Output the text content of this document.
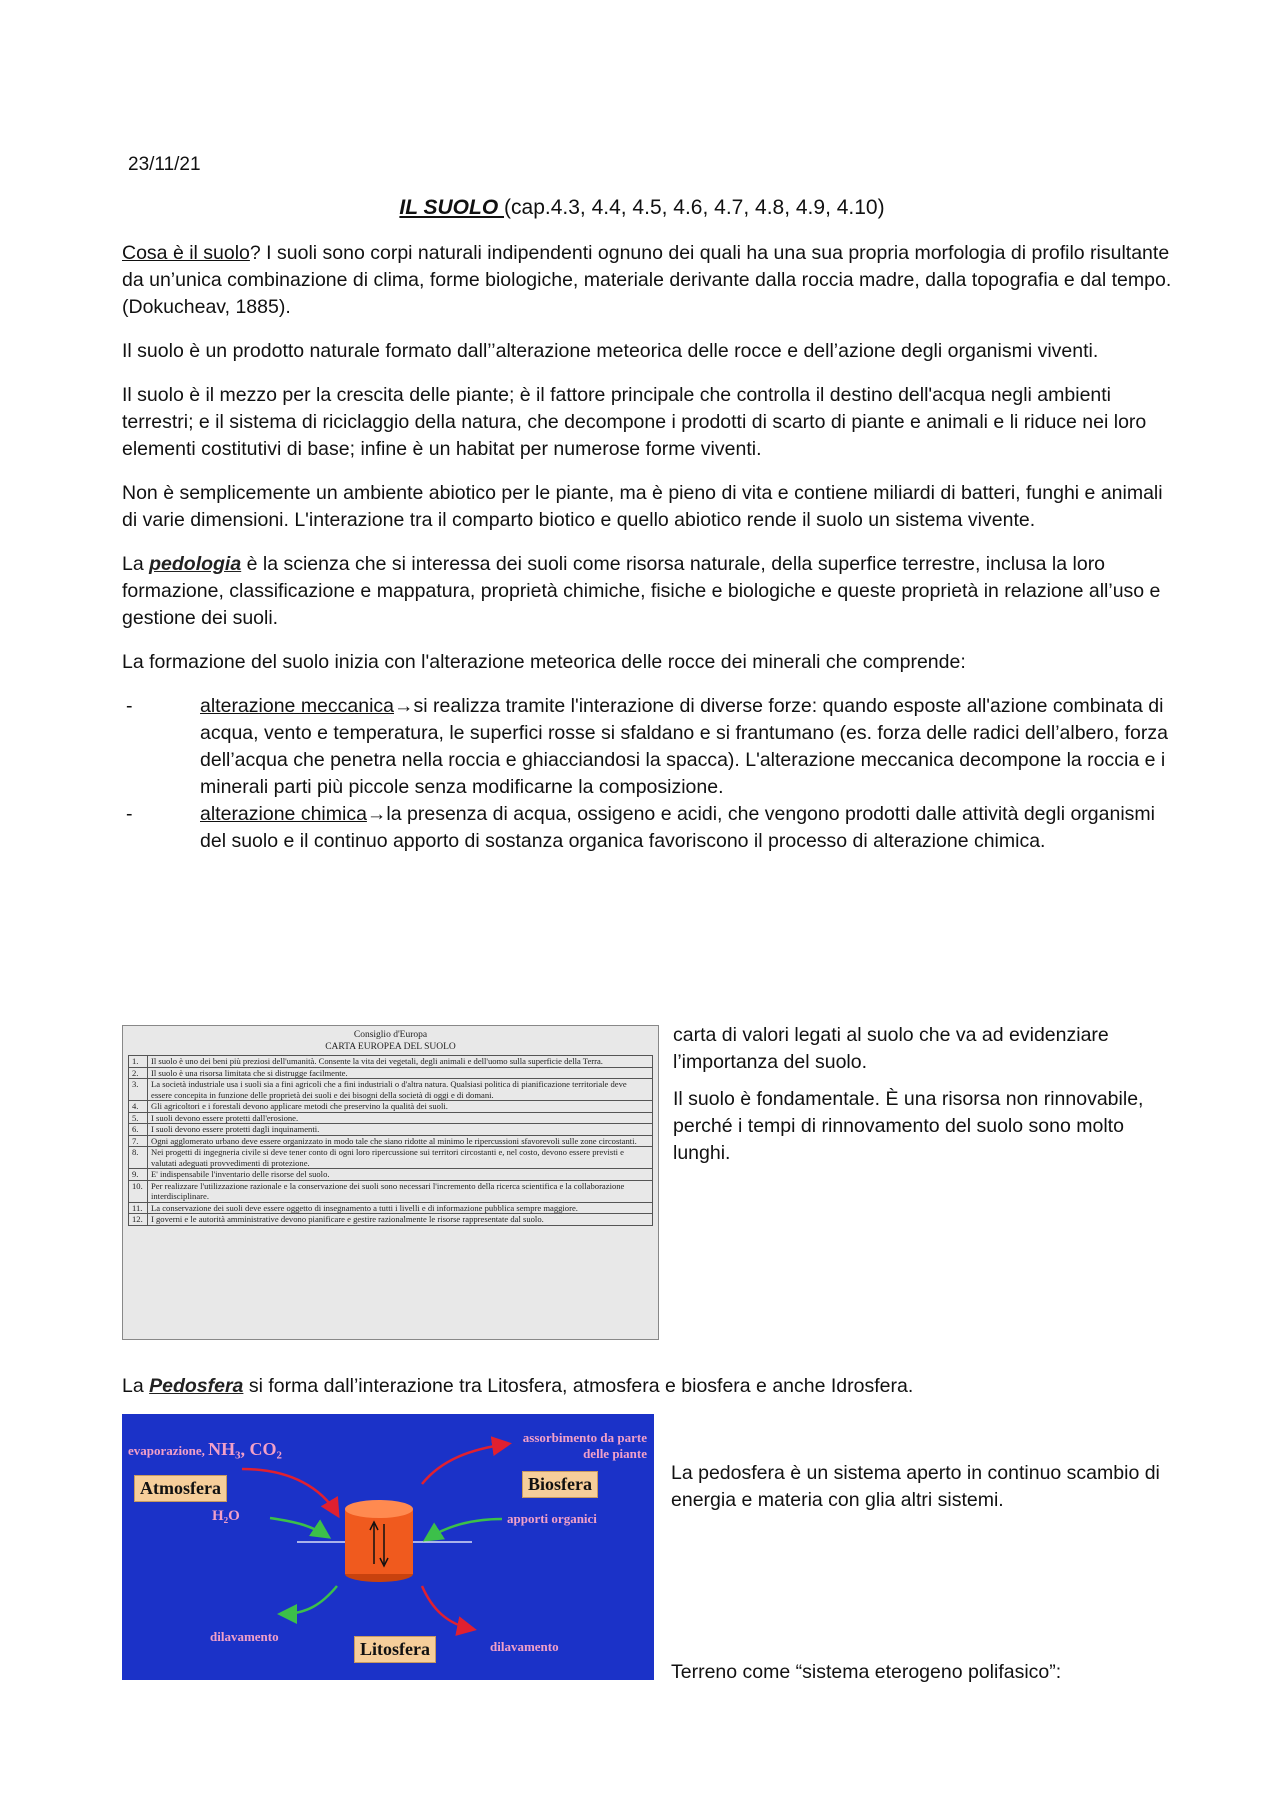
23/11/21
IL SUOLO (cap.4.3, 4.4, 4.5, 4.6, 4.7, 4.8, 4.9, 4.10)

Cosa è il suolo? I suoli sono corpi naturali indipendenti ognuno dei quali ha una sua propria morfologia di profilo risultante da un’unica combinazione di clima, forme biologiche, materiale derivante dalla roccia madre, dalla topografia e dal tempo. (Dokucheav, 1885).

Il suolo è un prodotto naturale formato dall’’alterazione meteorica delle rocce e dell’azione degli organismi viventi.

Il suolo è il mezzo per la crescita delle piante; è il fattore principale che controlla il destino dell'acqua negli ambienti terrestri; e il sistema di riciclaggio della natura, che decompone i prodotti di scarto di piante e animali e li riduce nei loro elementi costitutivi di base; infine è un habitat per numerose forme viventi.

Non è semplicemente un ambiente abiotico per le piante, ma è pieno di vita e contiene miliardi di batteri, funghi e animali di varie dimensioni. L'interazione tra il comparto biotico e quello abiotico rende il suolo un sistema vivente.

La pedologia è la scienza che si interessa dei suoli come risorsa naturale, della superfice terrestre, inclusa la loro formazione, classificazione e mappatura, proprietà chimiche, fisiche e biologiche e queste proprietà in relazione all’uso e gestione dei suoli.

La formazione del suolo inizia con l'alterazione meteorica delle rocce dei minerali che comprende:

-	alterazione meccanica→si realizza tramite l'interazione di diverse forze: quando esposte all'azione combinata di acqua, vento e temperatura, le superfici rosse si sfaldano e si frantumano (es. forza delle radici dell’albero, forza dell’acqua che penetra nella roccia e ghiacciandosi la spacca). L'alterazione meccanica decompone la roccia e i minerali parti più piccole senza modificarne la composizione.
-	alterazione chimica→la presenza di acqua, ossigeno e acidi, che vengono prodotti dalle attività degli organismi del suolo e il continuo apporto di sostanza organica favoriscono il processo di alterazione chimica.
Consiglio d'Europa
CARTA EUROPEA DEL SUOLO
1.	Il suolo è uno dei beni più preziosi dell'umanità. Consente la vita dei vegetali, degli animali e dell'uomo sulla superficie della Terra.
2.	Il suolo è una risorsa limitata che si distrugge facilmente.
3.	La società industriale usa i suoli sia a fini agricoli che a fini industriali o d'altra natura. Qualsiasi politica di pianificazione territoriale deve essere concepita in funzione delle proprietà dei suoli e dei bisogni della società di oggi e di domani.
4.	Gli agricoltori e i forestali devono applicare metodi che preservino la qualità dei suoli.
5.	I suoli devono essere protetti dall'erosione.
6.	I suoli devono essere protetti dagli inquinamenti.
7.	Ogni agglomerato urbano deve essere organizzato in modo tale che siano ridotte al minimo le ripercussioni sfavorevoli sulle zone circostanti.
8.	Nei progetti di ingegneria civile si deve tener conto di ogni loro ripercussione sui territori circostanti e, nel costo, devono essere previsti e valutati adeguati provvedimenti di protezione.
9.	E' indispensabile l'inventario delle risorse del suolo.
10.	Per realizzare l'utilizzazione razionale e la conservazione dei suoli sono necessari l'incremento della ricerca scientifica e la collaborazione interdisciplinare.
11.	La conservazione dei suoli deve essere oggetto di insegnamento a tutti i livelli e di informazione pubblica sempre maggiore.
12.	I governi e le autorità amministrative devono pianificare e gestire razionalmente le risorse rappresentate dal suolo.

carta di valori legati al suolo che va ad evidenziare l’importanza del suolo.

Il suolo è fondamentale. È una risorsa non rinnovabile, perché i tempi di rinnovamento del suolo sono molto lunghi.

La Pedosfera si forma dall’interazione tra Litosfera, atmosfera e biosfera e anche Idrosfera.
evaporazione, NH₃, CO₂
Atmosfera
H₂O
assorbimento da parte
delle piante
Biosfera
apporti organici
dilavamento
Litosfera	dilavamento
La pedosfera è un sistema aperto in continuo scambio di energia e materia con glia altri sistemi.
Terreno come “sistema eterogeno polifasico”:
